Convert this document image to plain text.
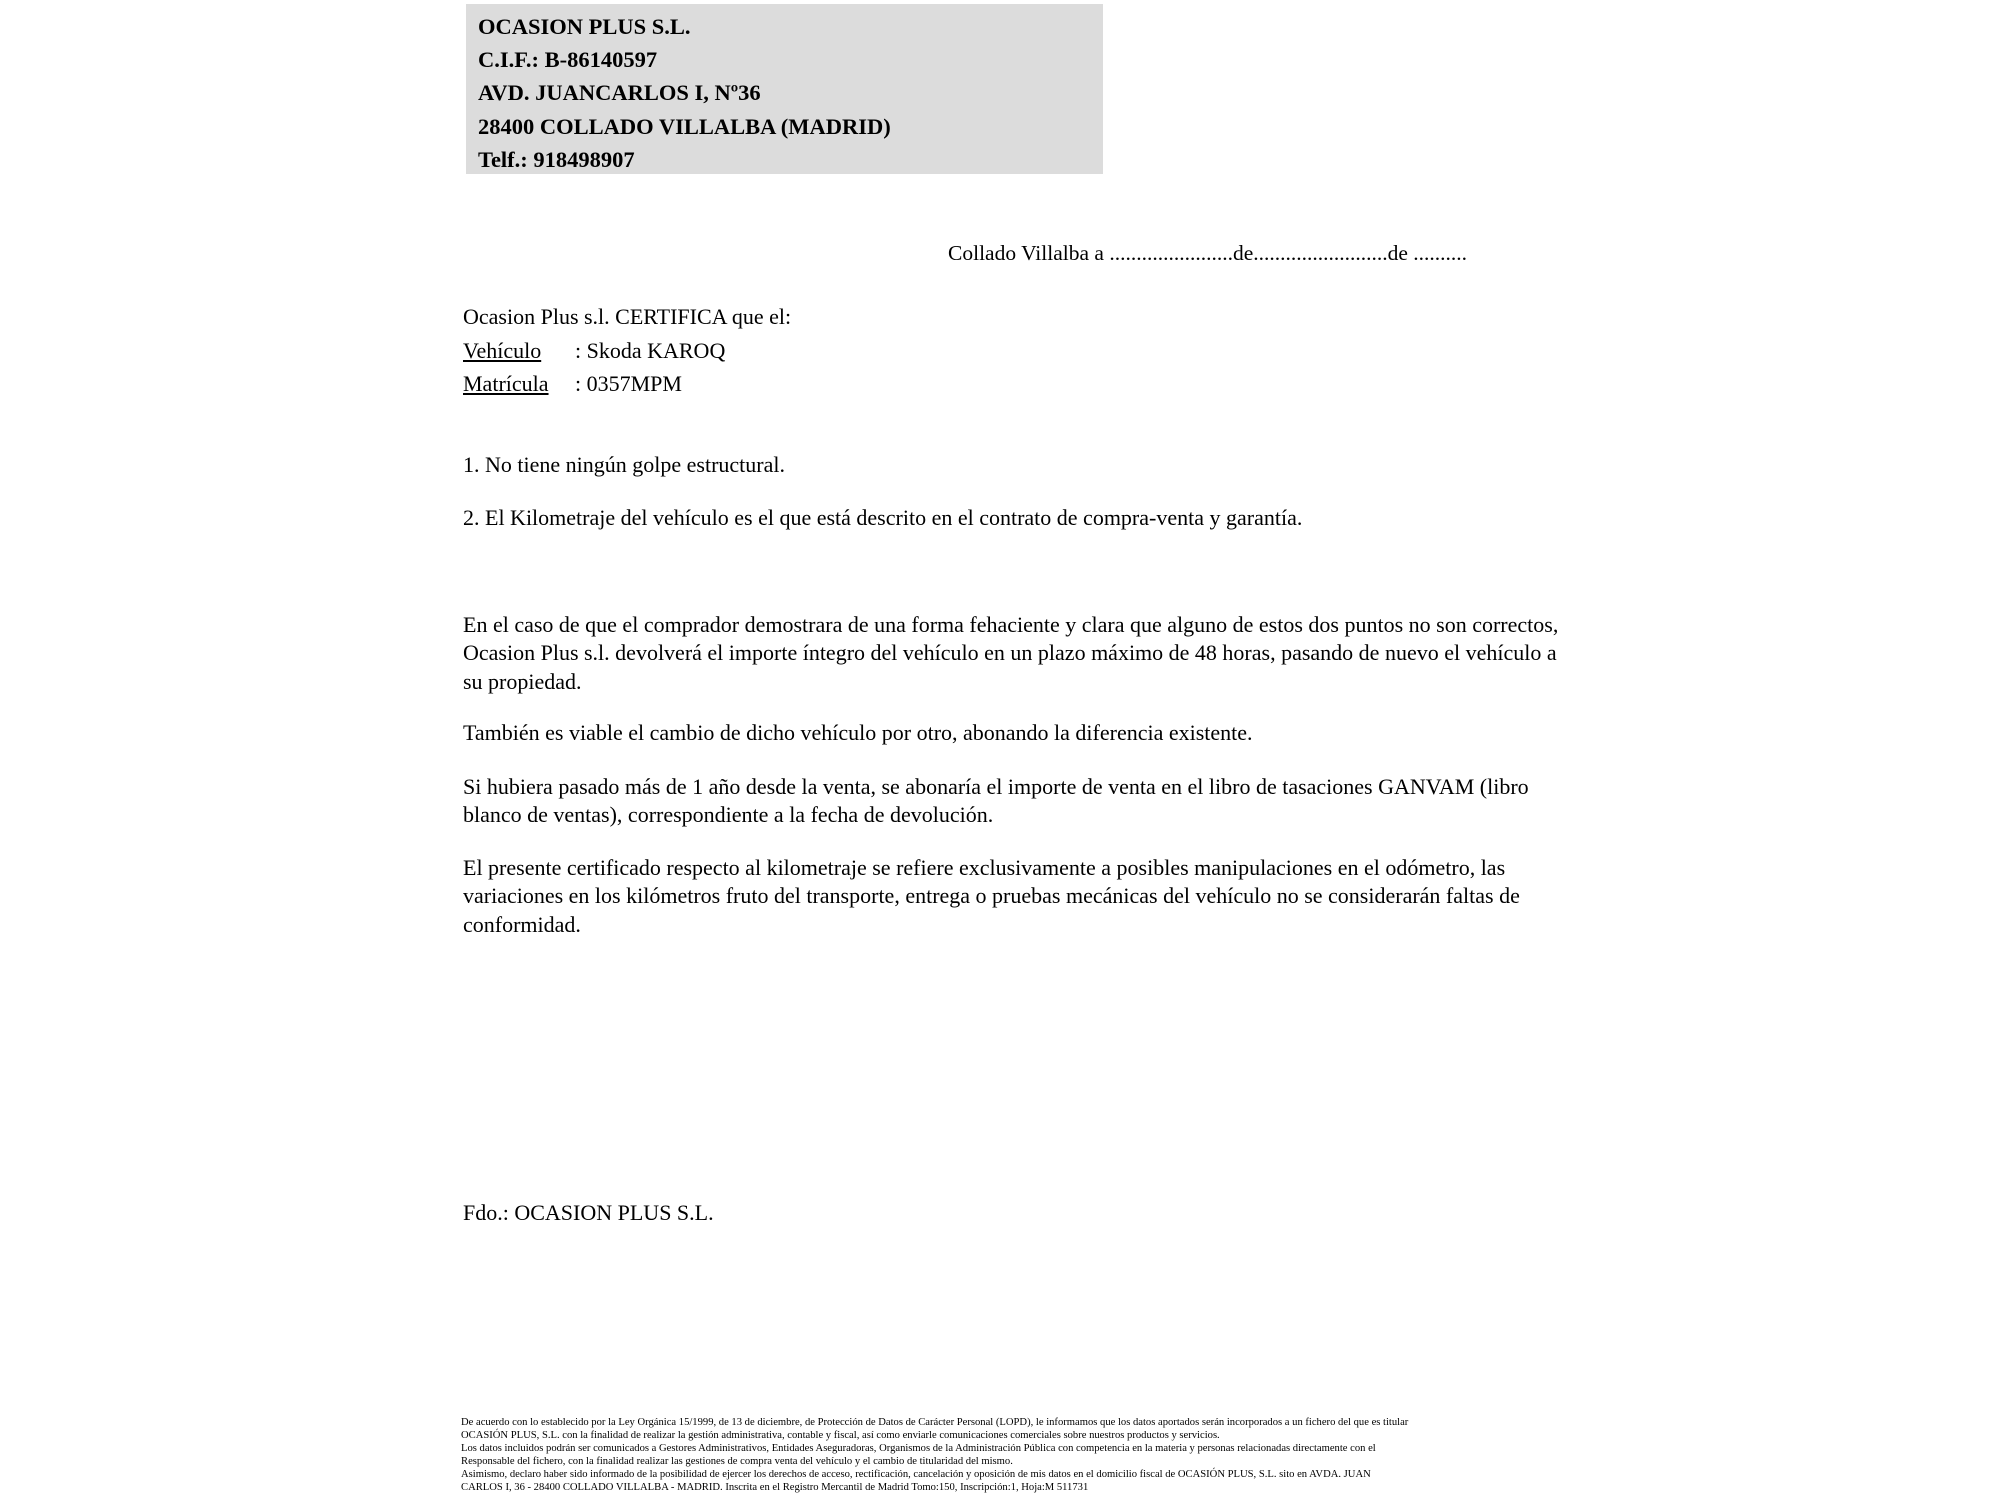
OCASION PLUS S.L.
C.I.F.: B-86140597
AVD. JUANCARLOS I, Nº36
28400 COLLADO VILLALBA (MADRID)
Telf.: 918498907
Collado Villalba a .......................de.........................de ..........
Ocasion Plus s.l. CERTIFICA que el:
Vehículo : Skoda KAROQ
Matrícula : 0357MPM
1. No tiene ningún golpe estructural.
2. El Kilometraje del vehículo es el que está descrito en el contrato de compra-venta y garantía.
En el caso de que el comprador demostrara de una forma fehaciente y clara que alguno de estos dos puntos no son correctos, Ocasion Plus s.l. devolverá el importe íntegro del vehículo en un plazo máximo de 48 horas, pasando de nuevo el vehículo a su propiedad.
También es viable el cambio de dicho vehículo por otro, abonando la diferencia existente.
Si hubiera pasado más de 1 año desde la venta, se abonaría el importe de venta en el libro de tasaciones GANVAM (libro blanco de ventas), correspondiente a la fecha de devolución.
El presente certificado respecto al kilometraje se refiere exclusivamente a posibles manipulaciones en el odómetro, las variaciones en los kilómetros fruto del transporte, entrega o pruebas mecánicas del vehículo no se considerarán faltas de conformidad.
Fdo.: OCASION PLUS S.L.
De acuerdo con lo establecido por la Ley Orgánica 15/1999, de 13 de diciembre, de Protección de Datos de Carácter Personal (LOPD), le informamos que los datos aportados serán incorporados a un fichero del que es titular
OCASIÓN PLUS, S.L. con la finalidad de realizar la gestión administrativa, contable y fiscal, así como enviarle comunicaciones comerciales sobre nuestros productos y servicios.
Los datos incluidos podrán ser comunicados a Gestores Administrativos, Entidades Aseguradoras, Organismos de la Administración Pública con competencia en la materia y personas relacionadas directamente con el
Responsable del fichero, con la finalidad realizar las gestiones de compra venta del vehículo y el cambio de titularidad del mismo.
Asimismo, declaro haber sido informado de la posibilidad de ejercer los derechos de acceso, rectificación, cancelación y oposición de mis datos en el domicilio fiscal de OCASIÓN PLUS, S.L. sito en AVDA. JUAN
CARLOS I, 36 - 28400 COLLADO VILLALBA - MADRID. Inscrita en el Registro Mercantil de Madrid Tomo:150, Inscripción:1, Hoja:M 511731
